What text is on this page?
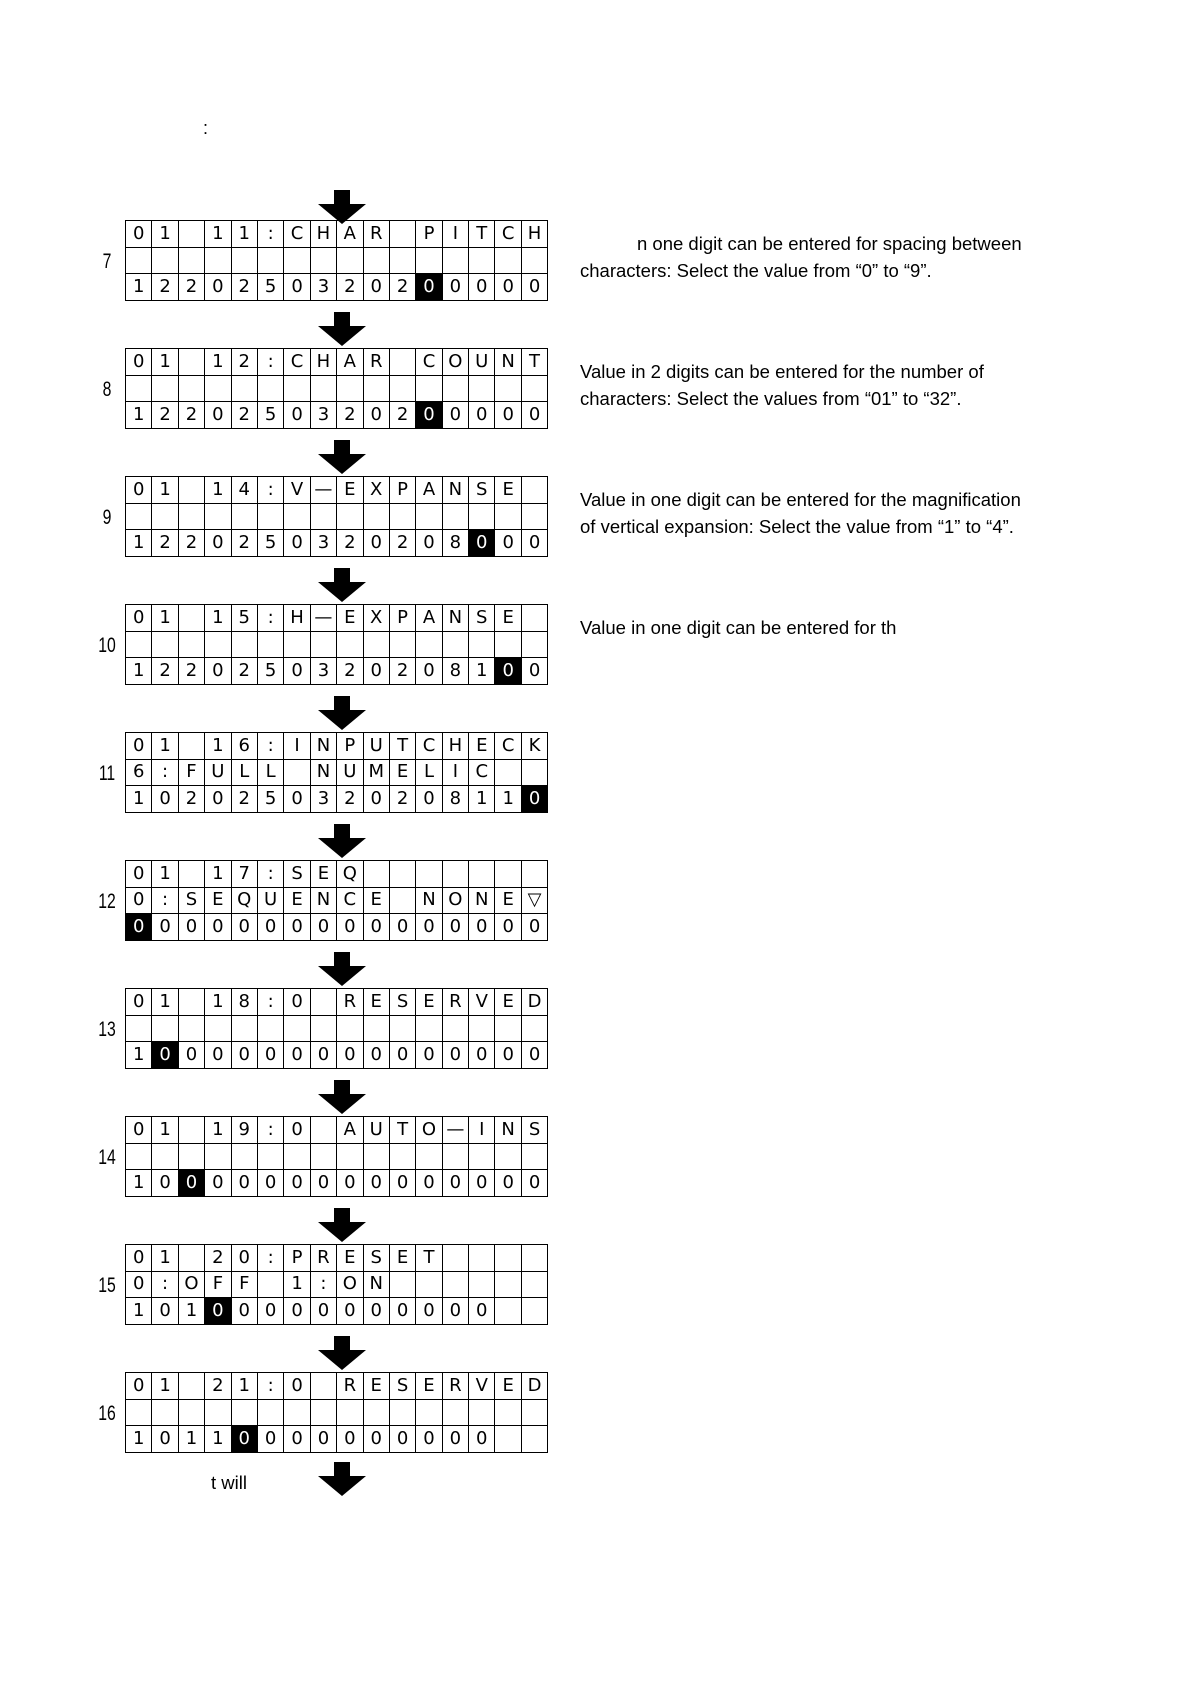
:
7
0	1		1	1	:	C	H	A	R		P	I	T	C	H

1	2	2	0	2	5	0	3	2	0	2	0	0	0	0	0
n one digit can be entered for spacing between
characters: Select the value from “0” to “9”.
8
0	1		1	2	:	C	H	A	R		C	O	U	N	T

1	2	2	0	2	5	0	3	2	0	2	0	0	0	0	0
Value in 2 digits can be entered for the number of
characters: Select the values from “01” to “32”.
9
0	1		1	4	:	V	—	E	X	P	A	N	S	E	

1	2	2	0	2	5	0	3	2	0	2	0	8	0	0	0
Value in one digit can be entered for the magnification
of vertical expansion: Select the value from “1” to “4”.
10
0	1		1	5	:	H	—	E	X	P	A	N	S	E	

1	2	2	0	2	5	0	3	2	0	2	0	8	1	0	0
Value in one digit can be entered for th
11
0	1		1	6	:	I	N	P	U	T	C	H	E	C	K
6	:	F	U	L	L		N	U	M	E	L	I	C		
1	0	2	0	2	5	0	3	2	0	2	0	8	1	1	0
12
0	1		1	7	:	S	E	Q							
0	:	S	E	Q	U	E	N	C	E		N	O	N	E	▽
0	0	0	0	0	0	0	0	0	0	0	0	0	0	0	0
13
0	1		1	8	:	0		R	E	S	E	R	V	E	D

1	0	0	0	0	0	0	0	0	0	0	0	0	0	0	0
14
0	1		1	9	:	0		A	U	T	O	—	I	N	S

1	0	0	0	0	0	0	0	0	0	0	0	0	0	0	0
15
0	1		2	0	:	P	R	E	S	E	T				
0	:	O	F	F		1	:	O	N						
1	0	1	0	0	0	0	0	0	0	0	0	0	0		
16
0	1		2	1	:	0		R	E	S	E	R	V	E	D

1	0	1	1	0	0	0	0	0	0	0	0	0	0		
t will
